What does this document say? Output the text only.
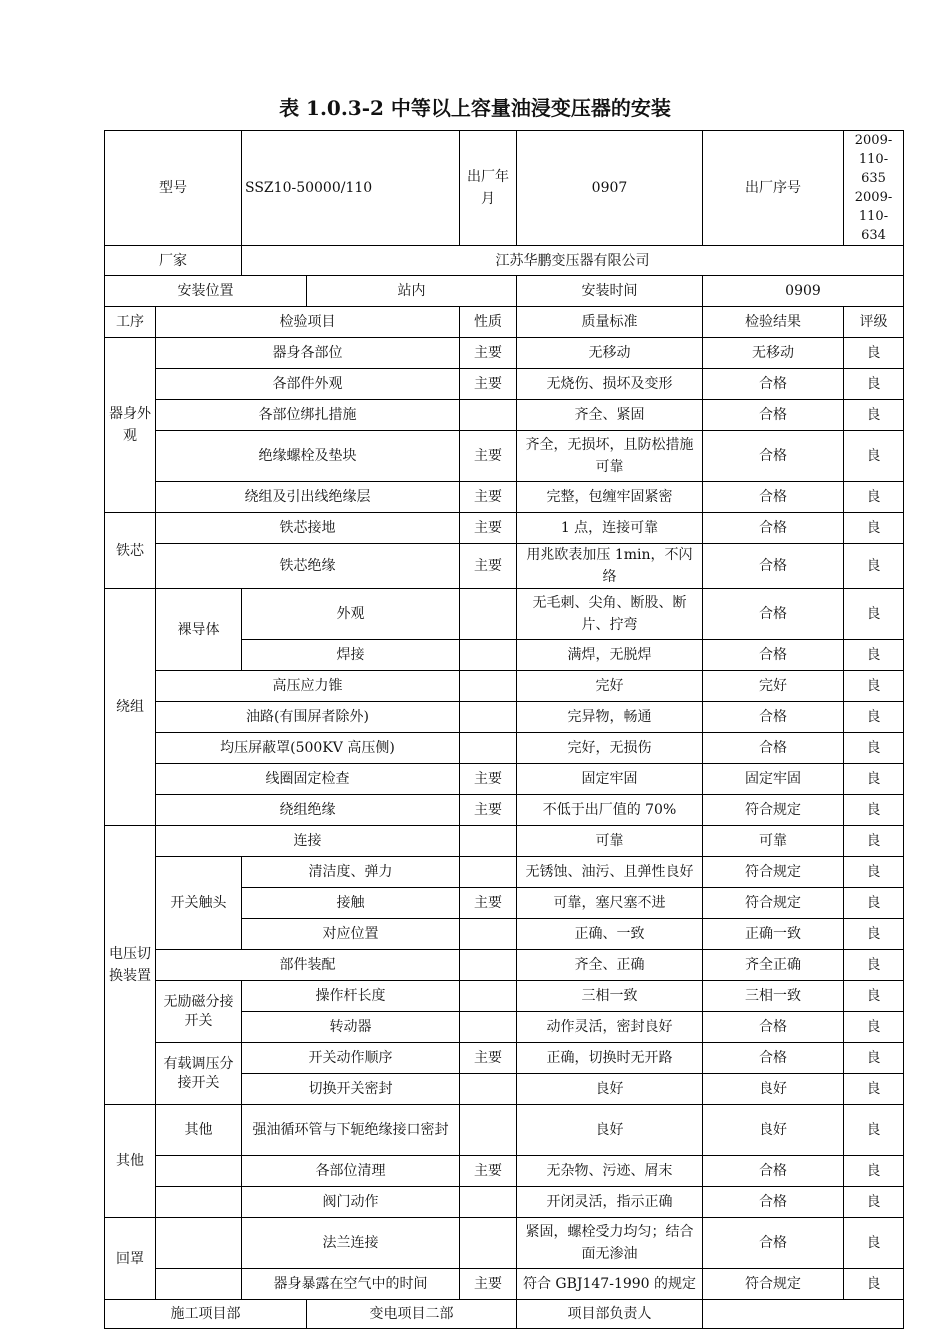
表 1.0.3-2 中等以上容量油浸变压器的安装
型号		SSZ10-50000/110		出厂年月	0907	出厂序号	2009-110-635 2009-110-634
厂家		江苏华鹏变压器有限公司					
安装位置			站内		安装时间	0909	
工序	检验项目			性质	质量标准	检验结果	评级
器身外观	器身各部位			主要	无移动	无移动	良
	各部件外观			主要	无烧伤、损坏及变形	合格	良
	各部位绑扎措施				齐全、紧固	合格	良
	绝缘螺栓及垫块			主要	齐全，无损坏，且防松措施可靠	合格	良
	绕组及引出线绝缘层			主要	完整，包缠牢固紧密	合格	良
铁芯	铁芯接地			主要	1 点，连接可靠	合格	良
	铁芯绝缘			主要	用兆欧表加压 1min，不闪络	合格	良
绕组	裸导体	外观			无毛刺、尖角、断股、断片、拧弯	合格	良
		焊接			满焊，无脱焊	合格	良
	高压应力锥				完好	完好	良
	油路(有围屏者除外)				完异物，畅通	合格	良
	均压屏蔽罩(500KV 高压侧)				完好，无损伤	合格	良
	线圈固定检查			主要	固定牢固	固定牢固	良
	绕组绝缘			主要	不低于出厂值的 70%	符合规定	良
电压切换装置	连接				可靠	可靠	良
	开关触头	清洁度、弹力			无锈蚀、油污、且弹性良好	符合规定	良
		接触		主要	可靠，塞尺塞不进	符合规定	良
		对应位置			正确、一致	正确一致	良
	部件装配				齐全、正确	齐全正确	良
	无励磁分接开关	操作杆长度			三相一致	三相一致	良
		转动器			动作灵活，密封良好	合格	良
	有载调压分接开关	开关动作顺序		主要	正确，切换时无开路	合格	良
		切换开关密封			良好	良好	良
其他	其他	强油循环管与下轭绝缘接口密封			良好	良好	良
		各部位清理		主要	无杂物、污迹、屑末	合格	良
		阀门动作			开闭灵活，指示正确	合格	良
回罩		法兰连接			紧固，螺栓受力均匀；结合面无渗油	合格	良
		器身暴露在空气中的时间		主要	符合 GBJ147-1990 的规定	符合规定	良
施工项目部			变电项目二部		项目部负责人		
